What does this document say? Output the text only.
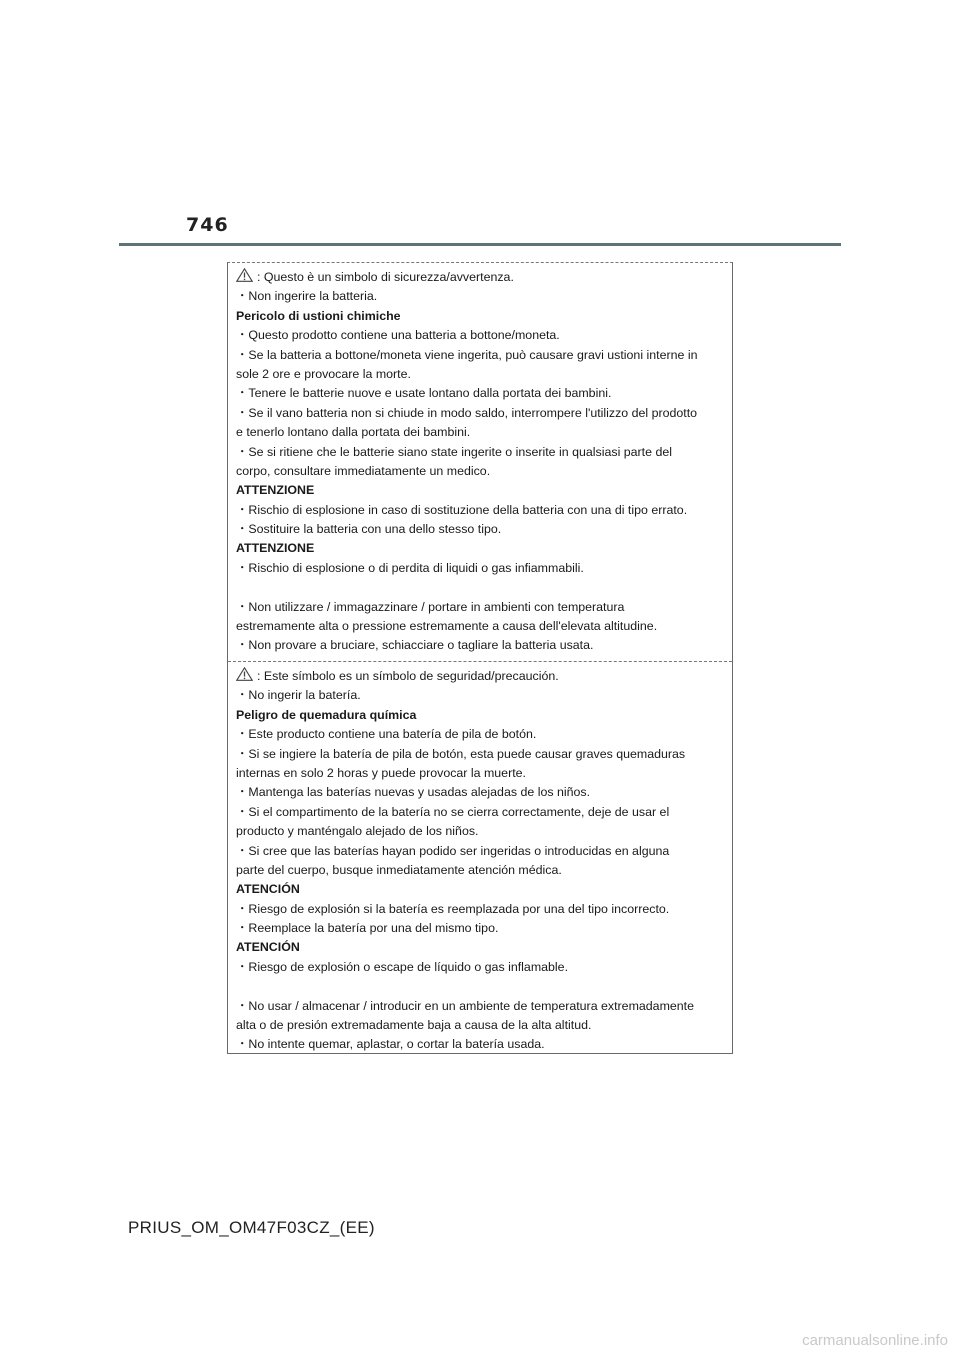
746
: Questo è un simbolo di sicurezza/avvertenza.
・Non ingerire la batteria.
Pericolo di ustioni chimiche
・Questo prodotto contiene una batteria a bottone/moneta.
・Se la batteria a bottone/moneta viene ingerita, può causare gravi ustioni interne in
sole 2 ore e provocare la morte.
・Tenere le batterie nuove e usate lontano dalla portata dei bambini.
・Se il vano batteria non si chiude in modo saldo, interrompere l'utilizzo del prodotto
e tenerlo lontano dalla portata dei bambini.
・Se si ritiene che le batterie siano state ingerite o inserite in qualsiasi parte del
corpo, consultare immediatamente un medico.
ATTENZIONE
・Rischio di esplosione in caso di sostituzione della batteria con una di tipo errato.
・Sostituire la batteria con una dello stesso tipo.
ATTENZIONE
・Rischio di esplosione o di perdita di liquidi o gas infiammabili.
・Non utilizzare / immagazzinare / portare in ambienti con temperatura
estremamente alta o pressione estremamente a causa dell'elevata altitudine.
・Non provare a bruciare, schiacciare o tagliare la batteria usata.
: Este símbolo es un símbolo de seguridad/precaución.
・No ingerir la batería.
Peligro de quemadura química
・Este producto contiene una batería de pila de botón.
・Si se ingiere la batería de pila de botón, esta puede causar graves quemaduras
internas en solo 2 horas y puede provocar la muerte.
・Mantenga las baterías nuevas y usadas alejadas de los niños.
・Si el compartimento de la batería no se cierra correctamente, deje de usar el
producto y manténgalo alejado de los niños.
・Si cree que las baterías hayan podido ser ingeridas o introducidas en alguna
parte del cuerpo, busque inmediatamente atención médica.
ATENCIÓN
・Riesgo de explosión si la batería es reemplazada por una del tipo incorrecto.
・Reemplace la batería por una del mismo tipo.
ATENCIÓN
・Riesgo de explosión o escape de líquido o gas inflamable.
・No usar / almacenar / introducir en un ambiente de temperatura extremadamente
alta o de presión extremadamente baja a causa de la alta altitud.
・No intente quemar, aplastar, o cortar la batería usada.
PRIUS_OM_OM47F03CZ_(EE)
carmanualsonline.info
